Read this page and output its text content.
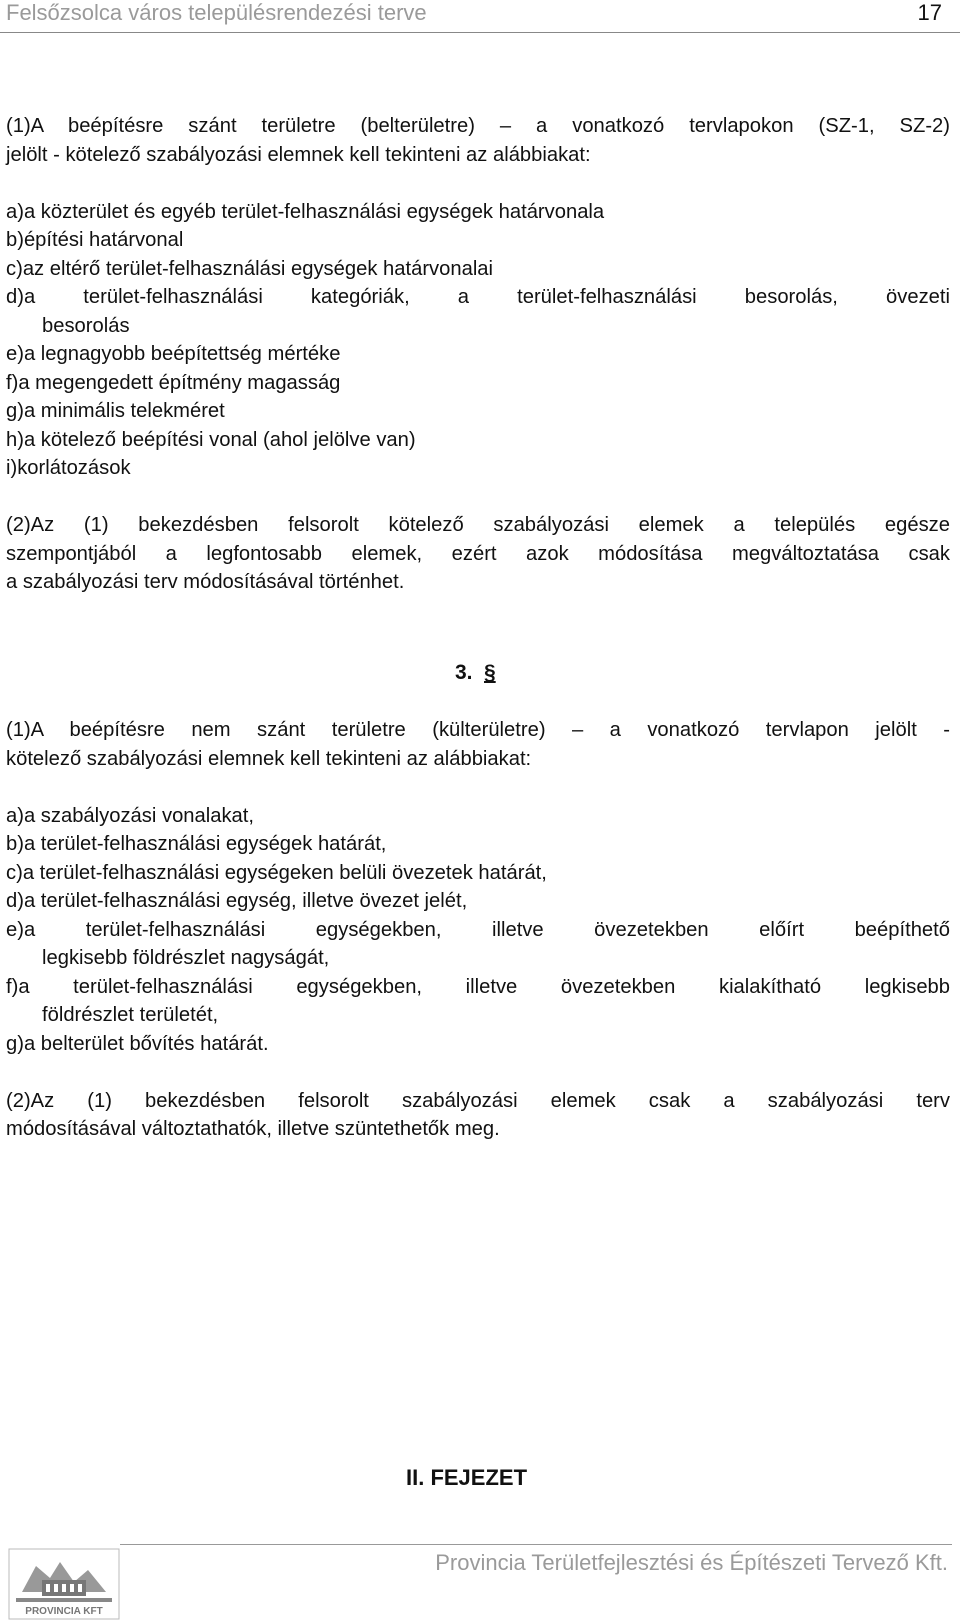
Felsőzsolca város településrendezési terve	17

(1)A beépítésre szánt területre (belterületre) – a vonatkozó tervlapokon (SZ-1, SZ-2)

jelölt - kötelező szabályozási elemnek kell tekinteni az alábbiakat:

a)a közterület és egyéb terület-felhasználási egységek határvonala

b)építési határvonal

c)az eltérő terület-felhasználási egységek határvonalai

d)a terület-felhasználási kategóriák, a terület-felhasználási besorolás, övezeti

besorolás

e)a legnagyobb beépítettség mértéke

f)a megengedett építmény magasság

g)a minimális telekméret

h)a kötelező beépítési vonal (ahol jelölve van)

i)korlátozások

(2)Az (1) bekezdésben felsorolt kötelező szabályozási elemek a település egésze

szempontjából a legfontosabb elemek, ezért azok módosítása megváltoztatása csak

a szabályozási terv módosításával történhet.

3. §

(1)A beépítésre nem szánt területre (külterületre) – a vonatkozó tervlapon jelölt -

kötelező szabályozási elemnek kell tekinteni az alábbiakat:

a)a szabályozási vonalakat,

b)a terület-felhasználási egységek határát,

c)a terület-felhasználási egységeken belüli övezetek határát,

d)a terület-felhasználási egység, illetve övezet jelét,

e)a terület-felhasználási egységekben, illetve övezetekben előírt beépíthető

legkisebb földrészlet nagyságát,

f)a terület-felhasználási egységekben, illetve övezetekben kialakítható legkisebb

földrészlet területét,

g)a belterület bővítés határát.

(2)Az (1) bekezdésben felsorolt szabályozási elemek csak a szabályozási terv

módosításával változtathatók, illetve szüntethetők meg.

II. FEJEZET
PROVINCIA KFT
Provincia Területfejlesztési és Építészeti Tervező Kft.
